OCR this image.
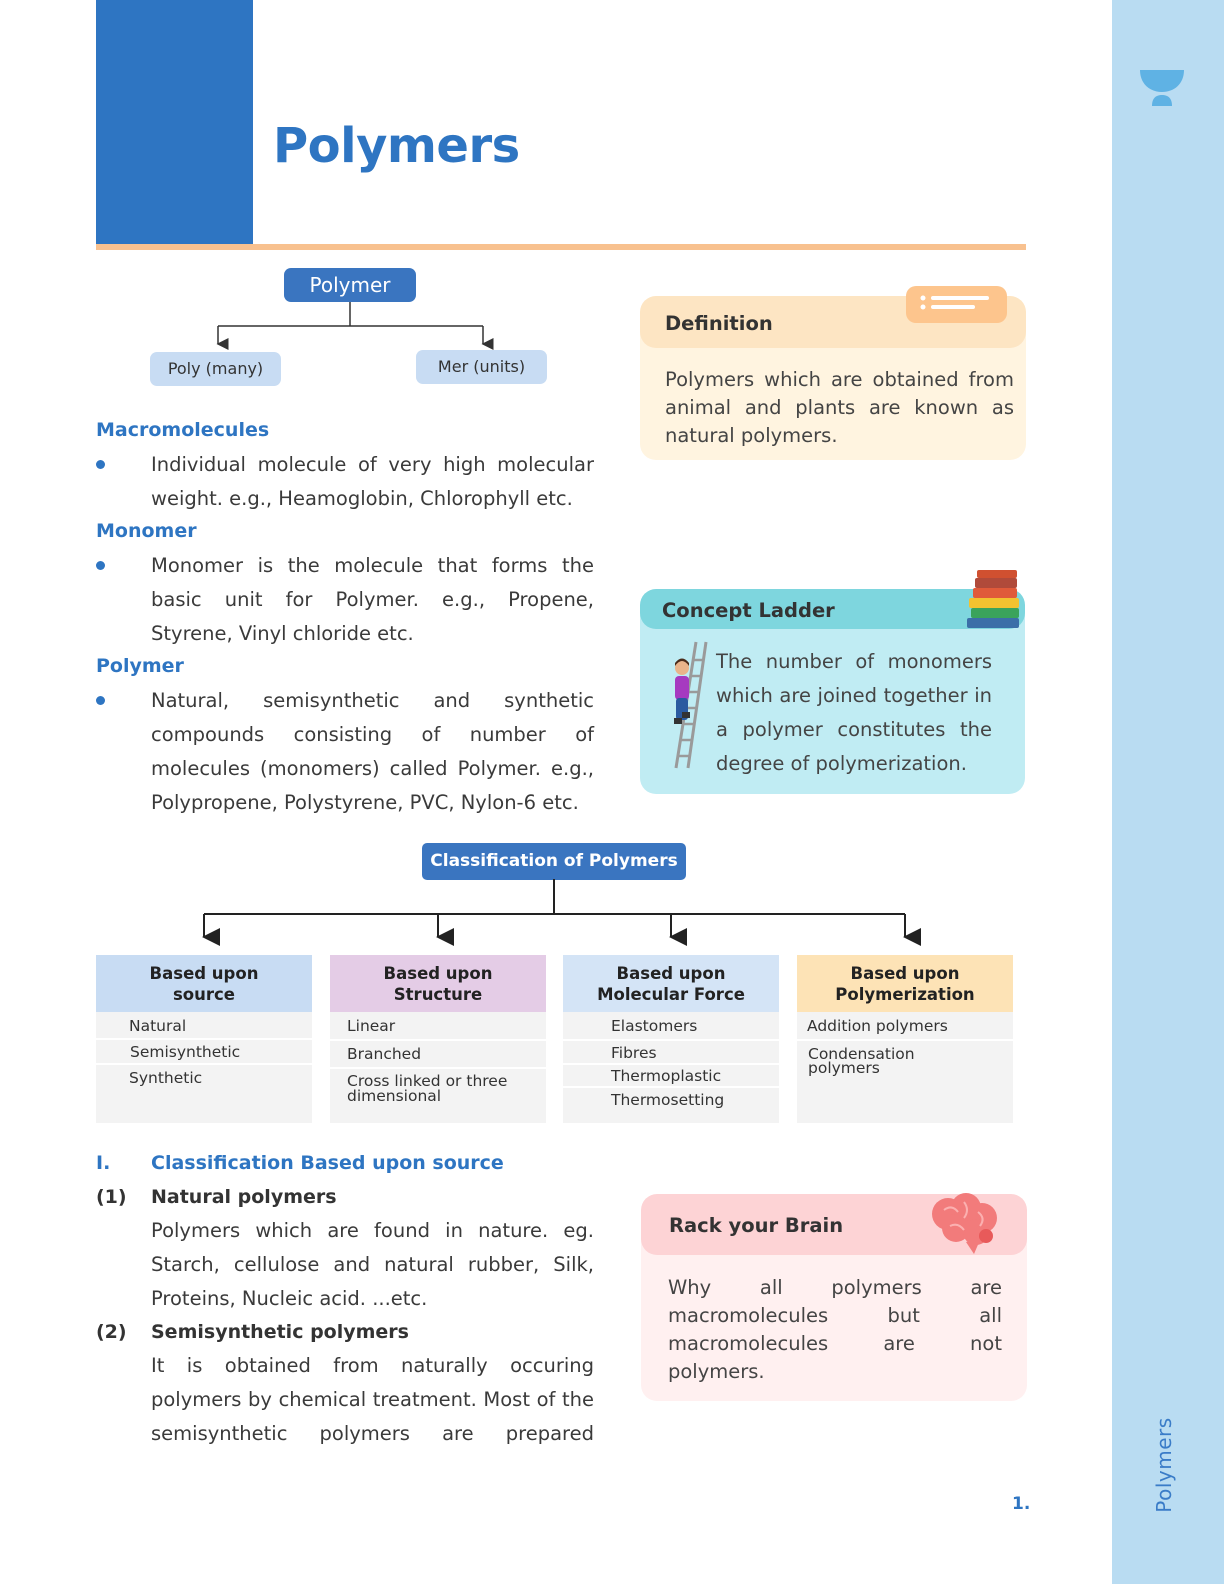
Polymers
Polymers
Polymer
Poly (many)	Mer (units)
Macromolecules
Individual molecule of very high molecular weight. e.g., Heamoglobin, Chlorophyll etc.
Monomer
Monomer is the molecule that forms the basic unit for Polymer. e.g., Propene, Styrene, Vinyl chloride etc.
Polymer
Natural, semisynthetic and synthetic compounds consisting of number of molecules (monomers) called Polymer. e.g., Polypropene, Polystyrene, PVC, Nylon-6 etc.
Definition
Polymers which are obtained from animal and plants are known as natural polymers.
Concept Ladder
The number of monomers which are joined together in a polymer constitutes the degree of polymerization.
Classification of Polymers
Based upon
source
Natural
Semisynthetic
Synthetic
Based upon
Structure
Linear
Branched
Cross linked or three dimensional
Based upon
Molecular Force
Elastomers
Fibres
Thermoplastic
Thermosetting
Based upon
Polymerization
Addition polymers
Condensation polymers
I. Classification Based upon source
(1) Natural polymers
Polymers which are found in nature. eg. Starch, cellulose and natural rubber, Silk, Proteins, Nucleic acid. ...etc.
(2) Semisynthetic polymers
It is obtained from naturally occuring polymers by chemical treatment. Most of the semisynthetic polymers are prepared
Rack your Brain
Why all polymers are macromolecules but all macromolecules are not
polymers.
1.
